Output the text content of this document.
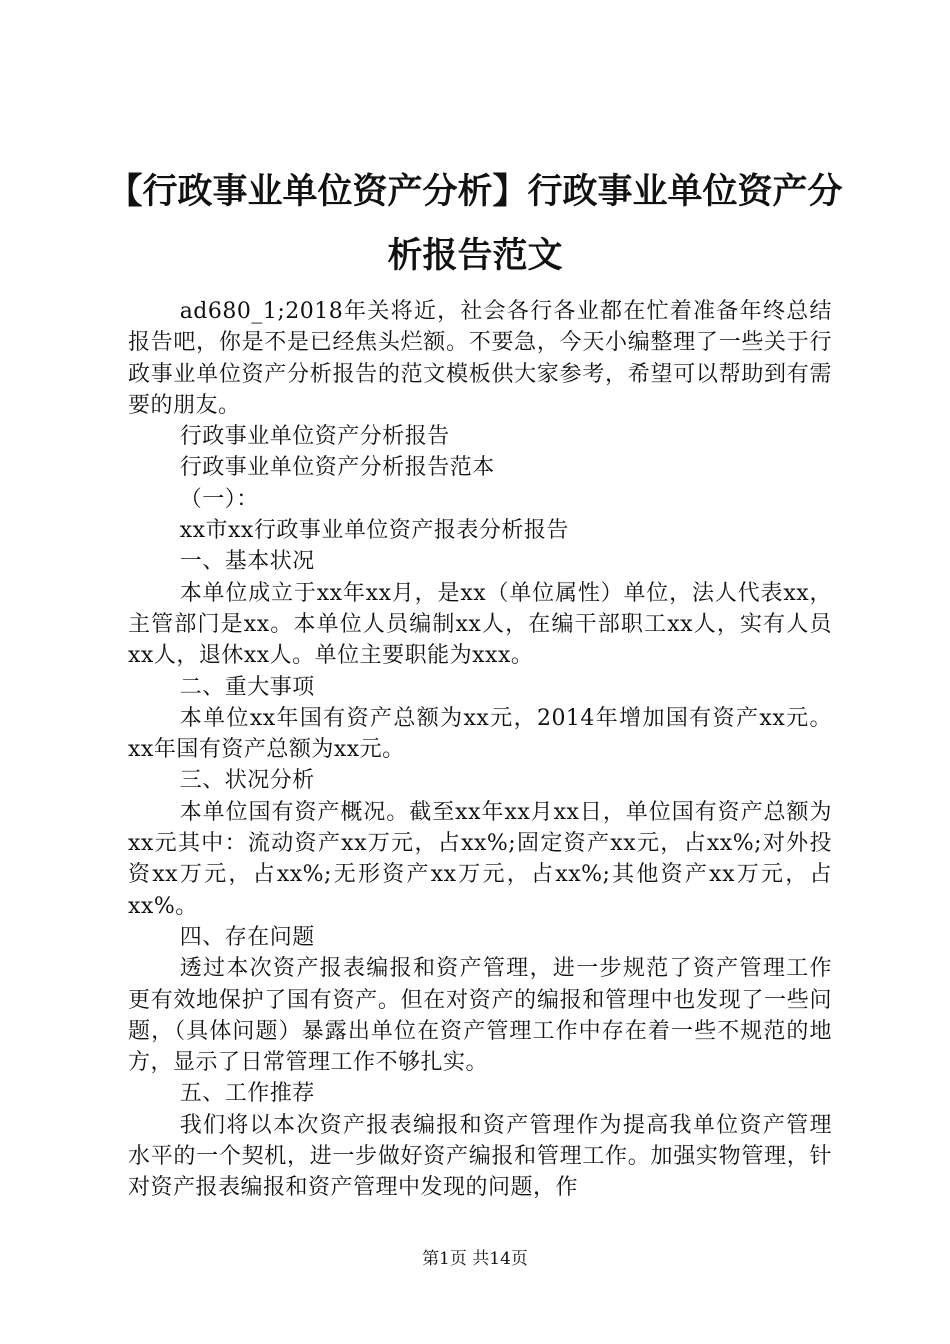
【行政事业单位资产分析】行政事业单位资产分析报告范文

ad680_1;2018年关将近，社会各行各业都在忙着准备年终总结报告吧，你是不是已经焦头烂额。不要急，今天小编整理了一些关于行政事业单位资产分析报告的范文模板供大家参考，希望可以帮助到有需要的朋友。

行政事业单位资产分析报告

行政事业单位资产分析报告范本

（一）：

xx市xx行政事业单位资产报表分析报告

一、基本状况

本单位成立于xx年xx月，是xx（单位属性）单位，法人代表xx，主管部门是xx。本单位人员编制xx人，在编干部职工xx人，实有人员xx人，退休xx人。单位主要职能为xxx。

二、重大事项

本单位xx年国有资产总额为xx元，2014年增加国有资产xx元。xx年国有资产总额为xx元。

三、状况分析

本单位国有资产概况。截至xx年xx月xx日，单位国有资产总额为xx元其中：流动资产xx万元，占xx%;固定资产xx元，占xx%;对外投资xx万元，占xx%;无形资产xx万元，占xx%;其他资产xx万元，占xx%。

四、存在问题

透过本次资产报表编报和资产管理，进一步规范了资产管理工作更有效地保护了国有资产。但在对资产的编报和管理中也发现了一些问题，（具体问题）暴露出单位在资产管理工作中存在着一些不规范的地方，显示了日常管理工作不够扎实。

五、工作推荐

我们将以本次资产报表编报和资产管理作为提高我单位资产管理水平的一个契机，进一步做好资产编报和管理工作。加强实物管理，针对资产报表编报和资产管理中发现的问题，作

第1页 共14页
